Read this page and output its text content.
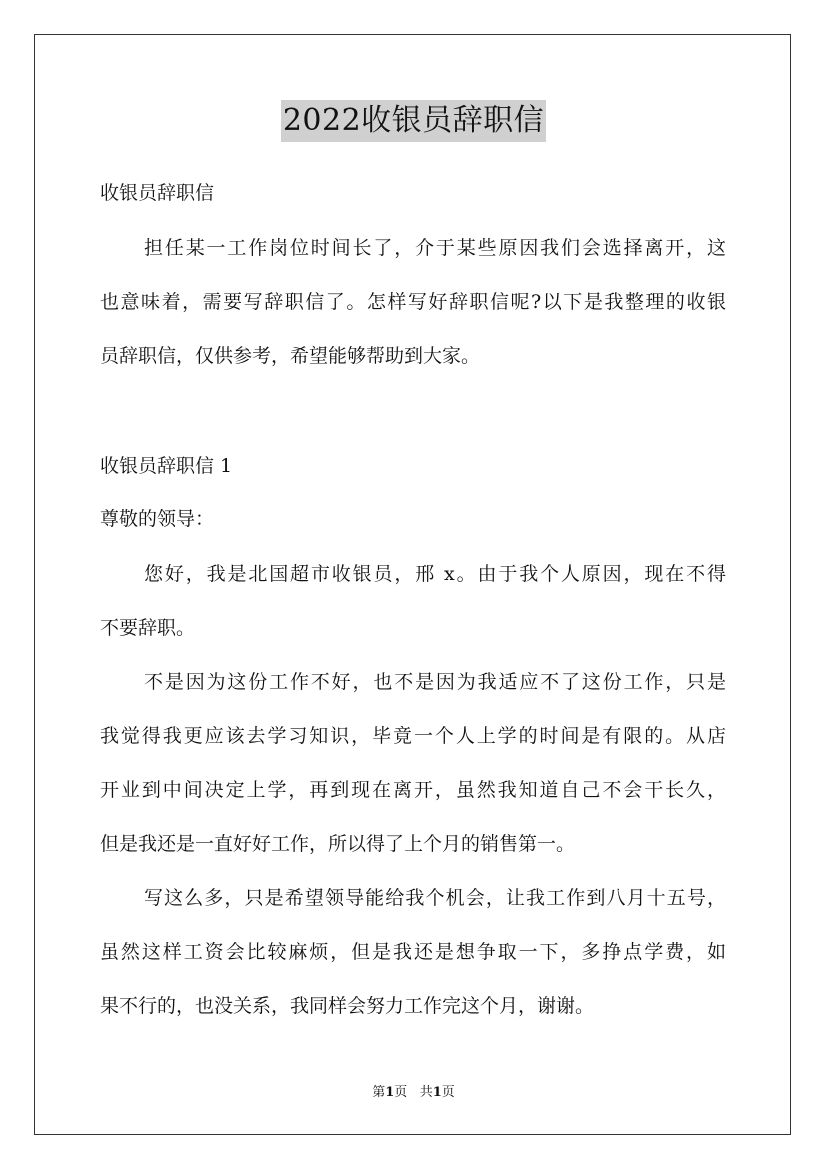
2022收银员辞职信
收银员辞职信
担任某一工作岗位时间长了，介于某些原因我们会选择离开，这
也意味着，需要写辞职信了。怎样写好辞职信呢?以下是我整理的收银
员辞职信，仅供参考，希望能够帮助到大家。
收银员辞职信 1
尊敬的领导：
您好，我是北国超市收银员，邢 x。由于我个人原因，现在不得
不要辞职。
不是因为这份工作不好，也不是因为我适应不了这份工作，只是
我觉得我更应该去学习知识，毕竟一个人上学的时间是有限的。从店
开业到中间决定上学，再到现在离开，虽然我知道自己不会干长久，
但是我还是一直好好工作，所以得了上个月的销售第一。
写这么多，只是希望领导能给我个机会，让我工作到八月十五号，
虽然这样工资会比较麻烦，但是我还是想争取一下，多挣点学费，如
果不行的，也没关系，我同样会努力工作完这个月，谢谢。
第1页 共1页
